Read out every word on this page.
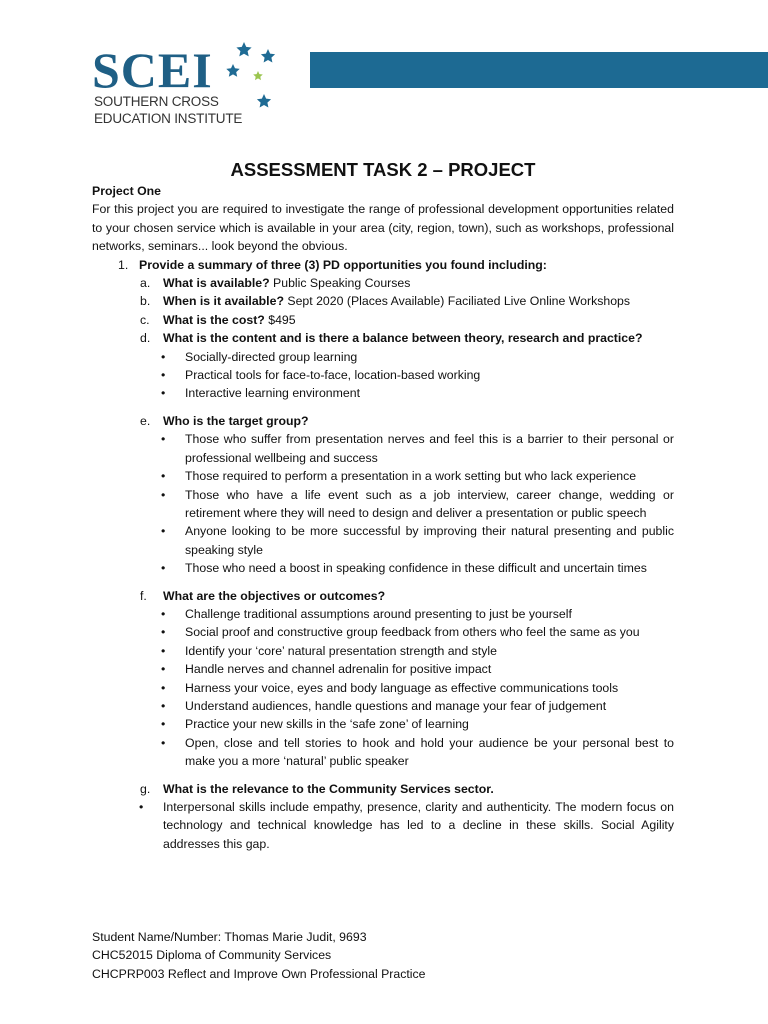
SCEI
SOUTHERN CROSS
EDUCATION INSTITUTE

ASSESSMENT TASK 2 – PROJECT

Project One

For this project you are required to investigate the range of professional development opportunities related to your chosen service which is available in your area (city, region, town), such as workshops, professional networks, seminars... look beyond the obvious.

1. Provide a summary of three (3) PD opportunities you found including:
a. What is available? Public Speaking Courses
b. When is it available? Sept 2020 (Places Available) Faciliated Live Online Workshops
c. What is the cost? $495
d. What is the content and is there a balance between theory, research and practice?
• Socially-directed group learning
• Practical tools for face-to-face, location-based working
• Interactive learning environment
e. Who is the target group?
• Those who suffer from presentation nerves and feel this is a barrier to their personal or professional wellbeing and success
• Those required to perform a presentation in a work setting but who lack experience
• Those who have a life event such as a job interview, career change, wedding or retirement where they will need to design and deliver a presentation or public speech
• Anyone looking to be more successful by improving their natural presenting and public speaking style
• Those who need a boost in speaking confidence in these difficult and uncertain times
f. What are the objectives or outcomes?
• Challenge traditional assumptions around presenting to just be yourself
• Social proof and constructive group feedback from others who feel the same as you
• Identify your ‘core’ natural presentation strength and style
• Handle nerves and channel adrenalin for positive impact
• Harness your voice, eyes and body language as effective communications tools
• Understand audiences, handle questions and manage your fear of judgement
• Practice your new skills in the ‘safe zone’ of learning
• Open, close and tell stories to hook and hold your audience be your personal best to make you a more ‘natural’ public speaker
g. What is the relevance to the Community Services sector.
• Interpersonal skills include empathy, presence, clarity and authenticity. The modern focus on technology and technical knowledge has led to a decline in these skills. Social Agility addresses this gap.

Student Name/Number: Thomas Marie Judit, 9693

CHC52015 Diploma of Community Services

CHCPRP003 Reflect and Improve Own Professional Practice
